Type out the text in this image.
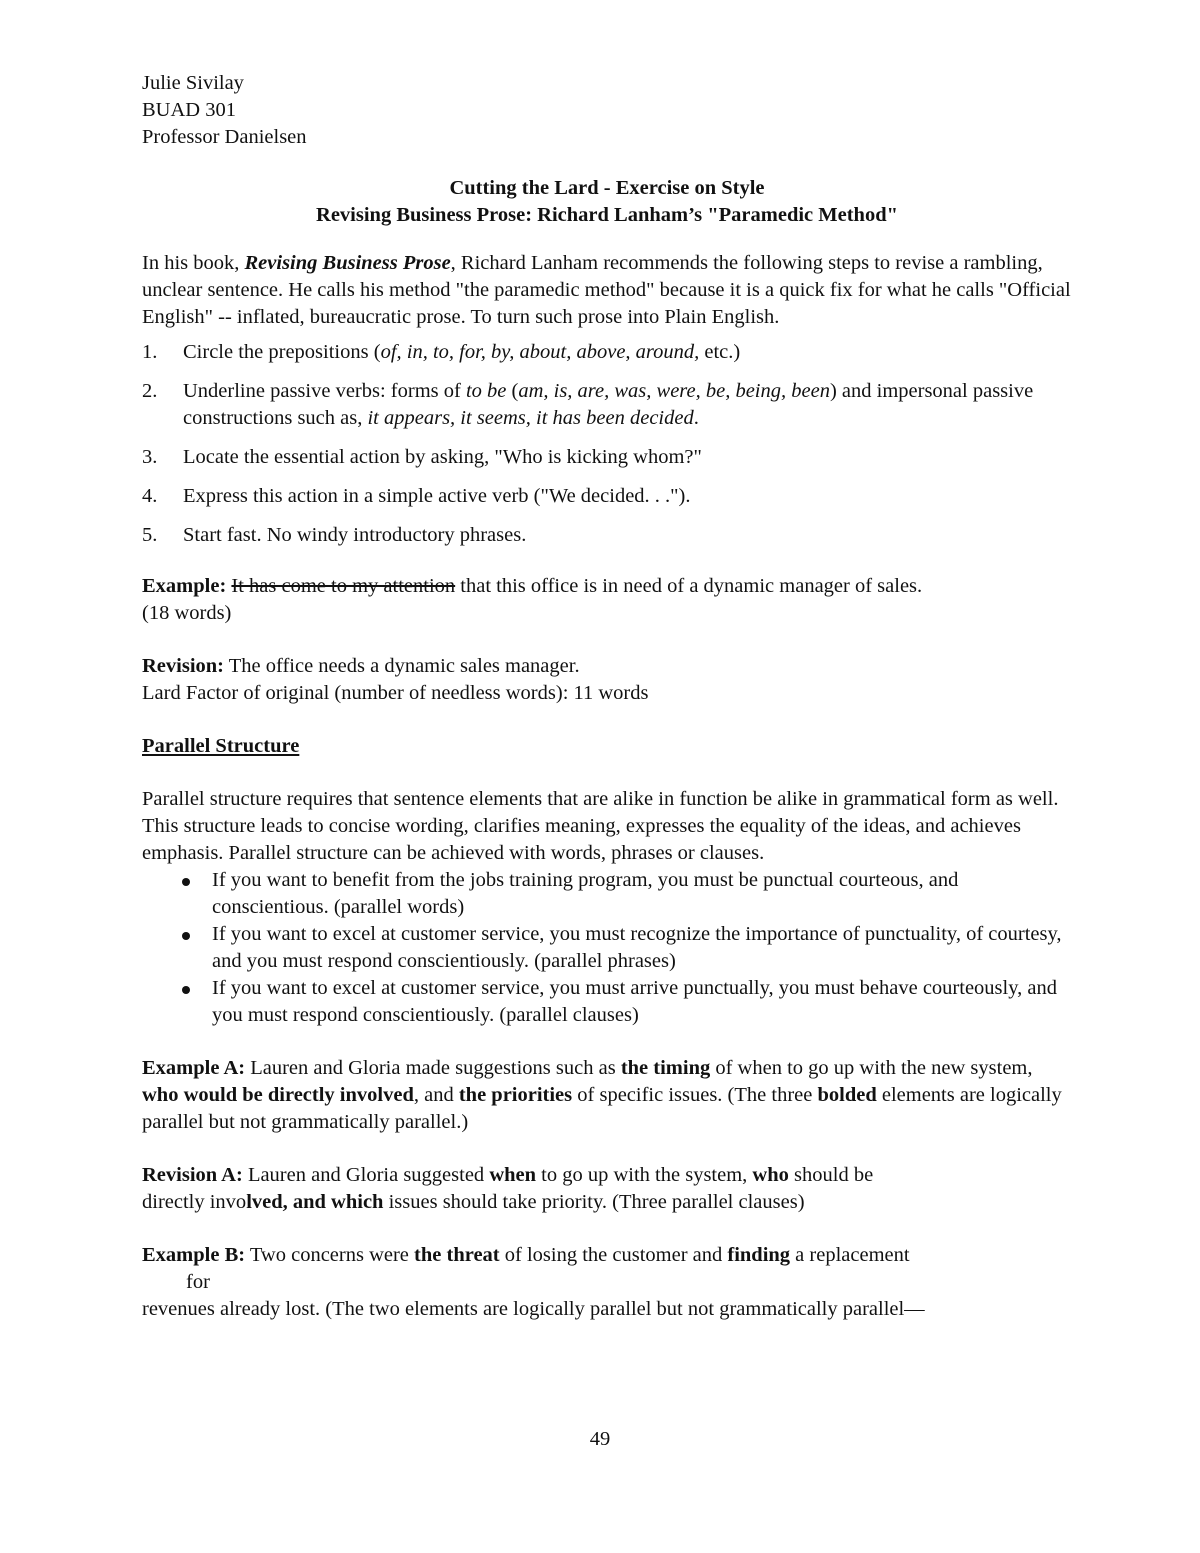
Julie Sivilay

BUAD 301

Professor Danielsen

Cutting the Lard - Exercise on Style

Revising Business Prose: Richard Lanham’s "Paramedic Method"

In his book, Revising Business Prose, Richard Lanham recommends the following steps to revise a rambling, unclear sentence. He calls his method "the paramedic method" because it is a quick fix for what he calls "Official English" -- inflated, bureaucratic prose. To turn such prose into Plain English.

1. Circle the prepositions (of, in, to, for, by, about, above, around, etc.)
2. Underline passive verbs: forms of to be (am, is, are, was, were, be, being, been) and impersonal passive constructions such as, it appears, it seems, it has been decided.
3. Locate the essential action by asking, "Who is kicking whom?"
4. Express this action in a simple active verb ("We decided. . .").
5. Start fast. No windy introductory phrases.

Example: It has come to my attention that this office is in need of a dynamic manager of sales.

(18 words)

Revision: The office needs a dynamic sales manager.

Lard Factor of original (number of needless words): 11 words

Parallel Structure

Parallel structure requires that sentence elements that are alike in function be alike in grammatical form as well. This structure leads to concise wording, clarifies meaning, expresses the equality of the ideas, and achieves emphasis. Parallel structure can be achieved with words, phrases or clauses.

If you want to benefit from the jobs training program, you must be punctual courteous, and conscientious. (parallel words)
If you want to excel at customer service, you must recognize the importance of punctuality, of courtesy, and you must respond conscientiously. (parallel phrases)
If you want to excel at customer service, you must arrive punctually, you must behave courteously, and you must respond conscientiously. (parallel clauses)

Example A: Lauren and Gloria made suggestions such as the timing of when to go up with the new system, who would be directly involved, and the priorities of specific issues. (The three bolded elements are logically parallel but not grammatically parallel.)

Revision A: Lauren and Gloria suggested when to go up with the system, who should be

directly involved, and which issues should take priority. (Three parallel clauses)

Example B: Two concerns were the threat of losing the customer and finding a replacement

for

revenues already lost. (The two elements are logically parallel but not grammatically parallel—

49
